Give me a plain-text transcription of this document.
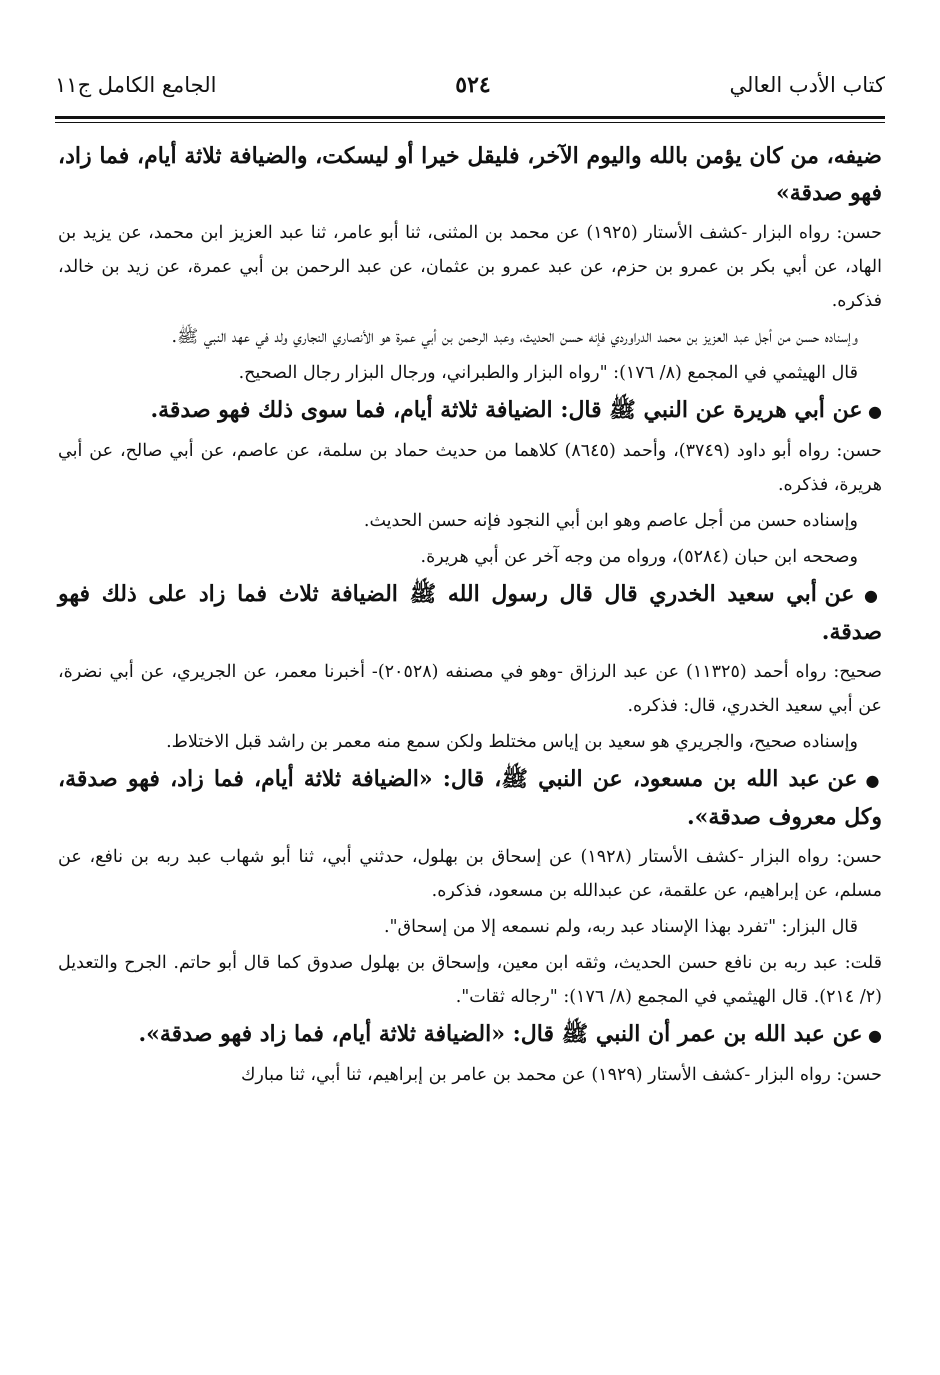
كتاب الأدب العالي
٥٢٤
الجامع الكامل ج١١

ضيفه، من كان يؤمن بالله واليوم الآخر، فليقل خيرا أو ليسكت، والضيافة ثلاثة أيام، فما زاد، فهو صدقة»

حسن: رواه البزار -كشف الأستار (١٩٢٥) عن محمد بن المثنى، ثنا أبو عامر، ثنا عبد العزيز ابن محمد، عن يزيد بن الهاد، عن أبي بكر بن عمرو بن حزم، عن عبد عمرو بن عثمان، عن عبد الرحمن بن أبي عمرة، عن زيد بن خالد، فذكره.

وإسناده حسن من أجل عبد العزيز بن محمد الدراوردي فإنه حسن الحديث، وعبد الرحمن بن أبي عمرة هو الأنصاري النجاري ولد في عهد النبي ﷺ.

قال الهيثمي في المجمع (٨/ ١٧٦): "رواه البزار والطبراني، ورجال البزار رجال الصحيح.

● عن أبي هريرة عن النبي ﷺ قال: الضيافة ثلاثة أيام، فما سوى ذلك فهو صدقة.

حسن: رواه أبو داود (٣٧٤٩)، وأحمد (٨٦٤٥) كلاهما من حديث حماد بن سلمة، عن عاصم، عن أبي صالح، عن أبي هريرة، فذكره.

وإسناده حسن من أجل عاصم وهو ابن أبي النجود فإنه حسن الحديث.

وصححه ابن حبان (٥٢٨٤)، ورواه من وجه آخر عن أبي هريرة.

● عن أبي سعيد الخدري قال قال رسول الله ﷺ الضيافة ثلاث فما زاد على ذلك فهو صدقة.

صحيح: رواه أحمد (١١٣٢٥) عن عبد الرزاق -وهو في مصنفه (٢٠٥٢٨)- أخبرنا معمر، عن الجريري، عن أبي نضرة، عن أبي سعيد الخدري، قال: فذكره.

وإسناده صحيح، والجريري هو سعيد بن إياس مختلط ولكن سمع منه معمر بن راشد قبل الاختلاط.

● عن عبد الله بن مسعود، عن النبي ﷺ، قال: «الضيافة ثلاثة أيام، فما زاد، فهو صدقة، وكل معروف صدقة».

حسن: رواه البزار -كشف الأستار (١٩٢٨) عن إسحاق بن بهلول، حدثني أبي، ثنا أبو شهاب عبد ربه بن نافع، عن مسلم، عن إبراهيم، عن علقمة، عن عبدالله بن مسعود، فذكره.

قال البزار: "تفرد بهذا الإسناد عبد ربه، ولم نسمعه إلا من إسحاق".

قلت: عبد ربه بن نافع حسن الحديث، وثقه ابن معين، وإسحاق بن بهلول صدوق كما قال أبو حاتم. الجرح والتعديل (٢/ ٢١٤). قال الهيثمي في المجمع (٨/ ١٧٦): "رجاله ثقات".

● عن عبد الله بن عمر أن النبي ﷺ قال: «الضيافة ثلاثة أيام، فما زاد فهو صدقة».

حسن: رواه البزار -كشف الأستار (١٩٢٩) عن محمد بن عامر بن إبراهيم، ثنا أبي، ثنا مبارك
